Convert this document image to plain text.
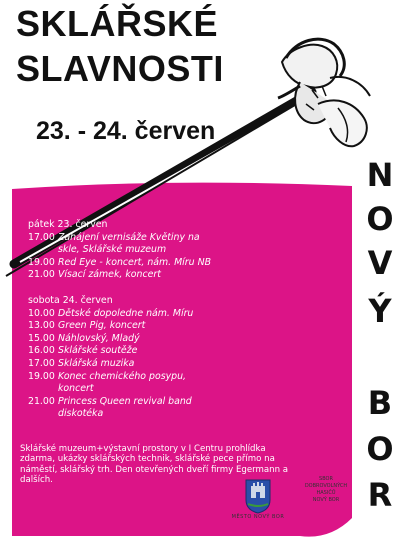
SKLÁŘSKÉ
SLAVNOSTI
23. - 24. červen
N
O
V
Ý
B
O
R
pátek 23. červen
17.00 Zahájení vernisáže Květiny na
skle, Sklářské muzeum
19.00 Red Eye - koncert, nám. Míru NB
21.00 Vísací zámek, koncert
sobota 24. červen
10.00 Dětské dopoledne nám. Míru
13.00 Green Pig, koncert
15.00 Náhlovský, Mladý
16.00 Sklářské soutěže
17.00 Sklářská muzika
19.00 Konec chemického posypu,
koncert
21.00 Princess Queen revival band
diskotéka
Sklářské muzeum+výstavní prostory v I Centru prohlídka zdarma, ukázky sklářských technik, sklářské pece přímo na náměstí, sklářský trh. Den otevřených dveří firmy Egermann a dalších.
MĚSTO NOVÝ BOR
SBOR
DOBROVOLNÝCH
HASIČŮ
NOVÝ BOR
